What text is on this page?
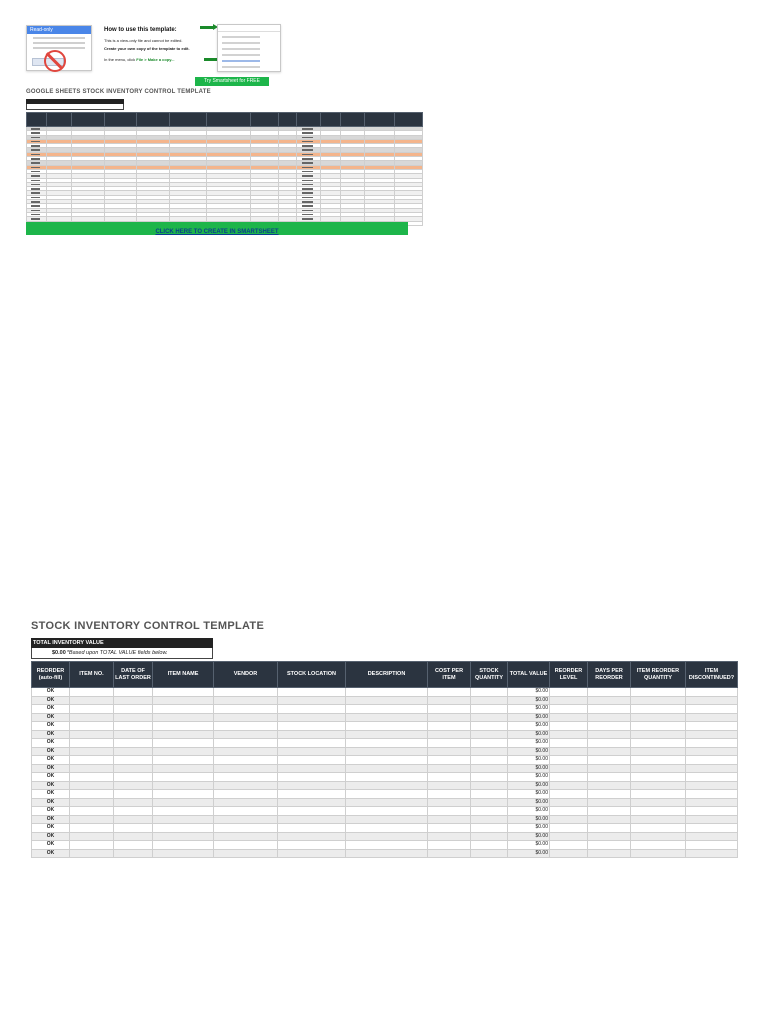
Read-only	How to use this template:

This is a view-only file and cannot be edited.

Create your own copy of the template to edit.

In the menu, click File > Make a copy...

Try Smartsheet for FREE
GOOGLE SHEETS STOCK INVENTORY CONTROL TEMPLATE

CLICK HERE TO CREATE IN SMARTSHEET
STOCK INVENTORY CONTROL TEMPLATE
TOTAL INVENTORY VALUE
$0.00*Based upon TOTAL VALUE fields below.
REORDER (auto-fill)	ITEM NO.	DATE OF LAST ORDER	ITEM NAME	VENDOR	STOCK LOCATION	DESCRIPTION	COST PER ITEM	STOCK QUANTITY	TOTAL VALUE	REORDER LEVEL	DAYS PER REORDER	ITEM REORDER QUANTITY	ITEM DISCONTINUED?
OK									$0.00				
OK									$0.00				
OK									$0.00				
OK									$0.00				
OK									$0.00				
OK									$0.00				
OK									$0.00				
OK									$0.00				
OK									$0.00				
OK									$0.00				
OK									$0.00				
OK									$0.00				
OK									$0.00				
OK									$0.00				
OK									$0.00				
OK									$0.00				
OK									$0.00				
OK									$0.00				
OK									$0.00				
OK									$0.00				
